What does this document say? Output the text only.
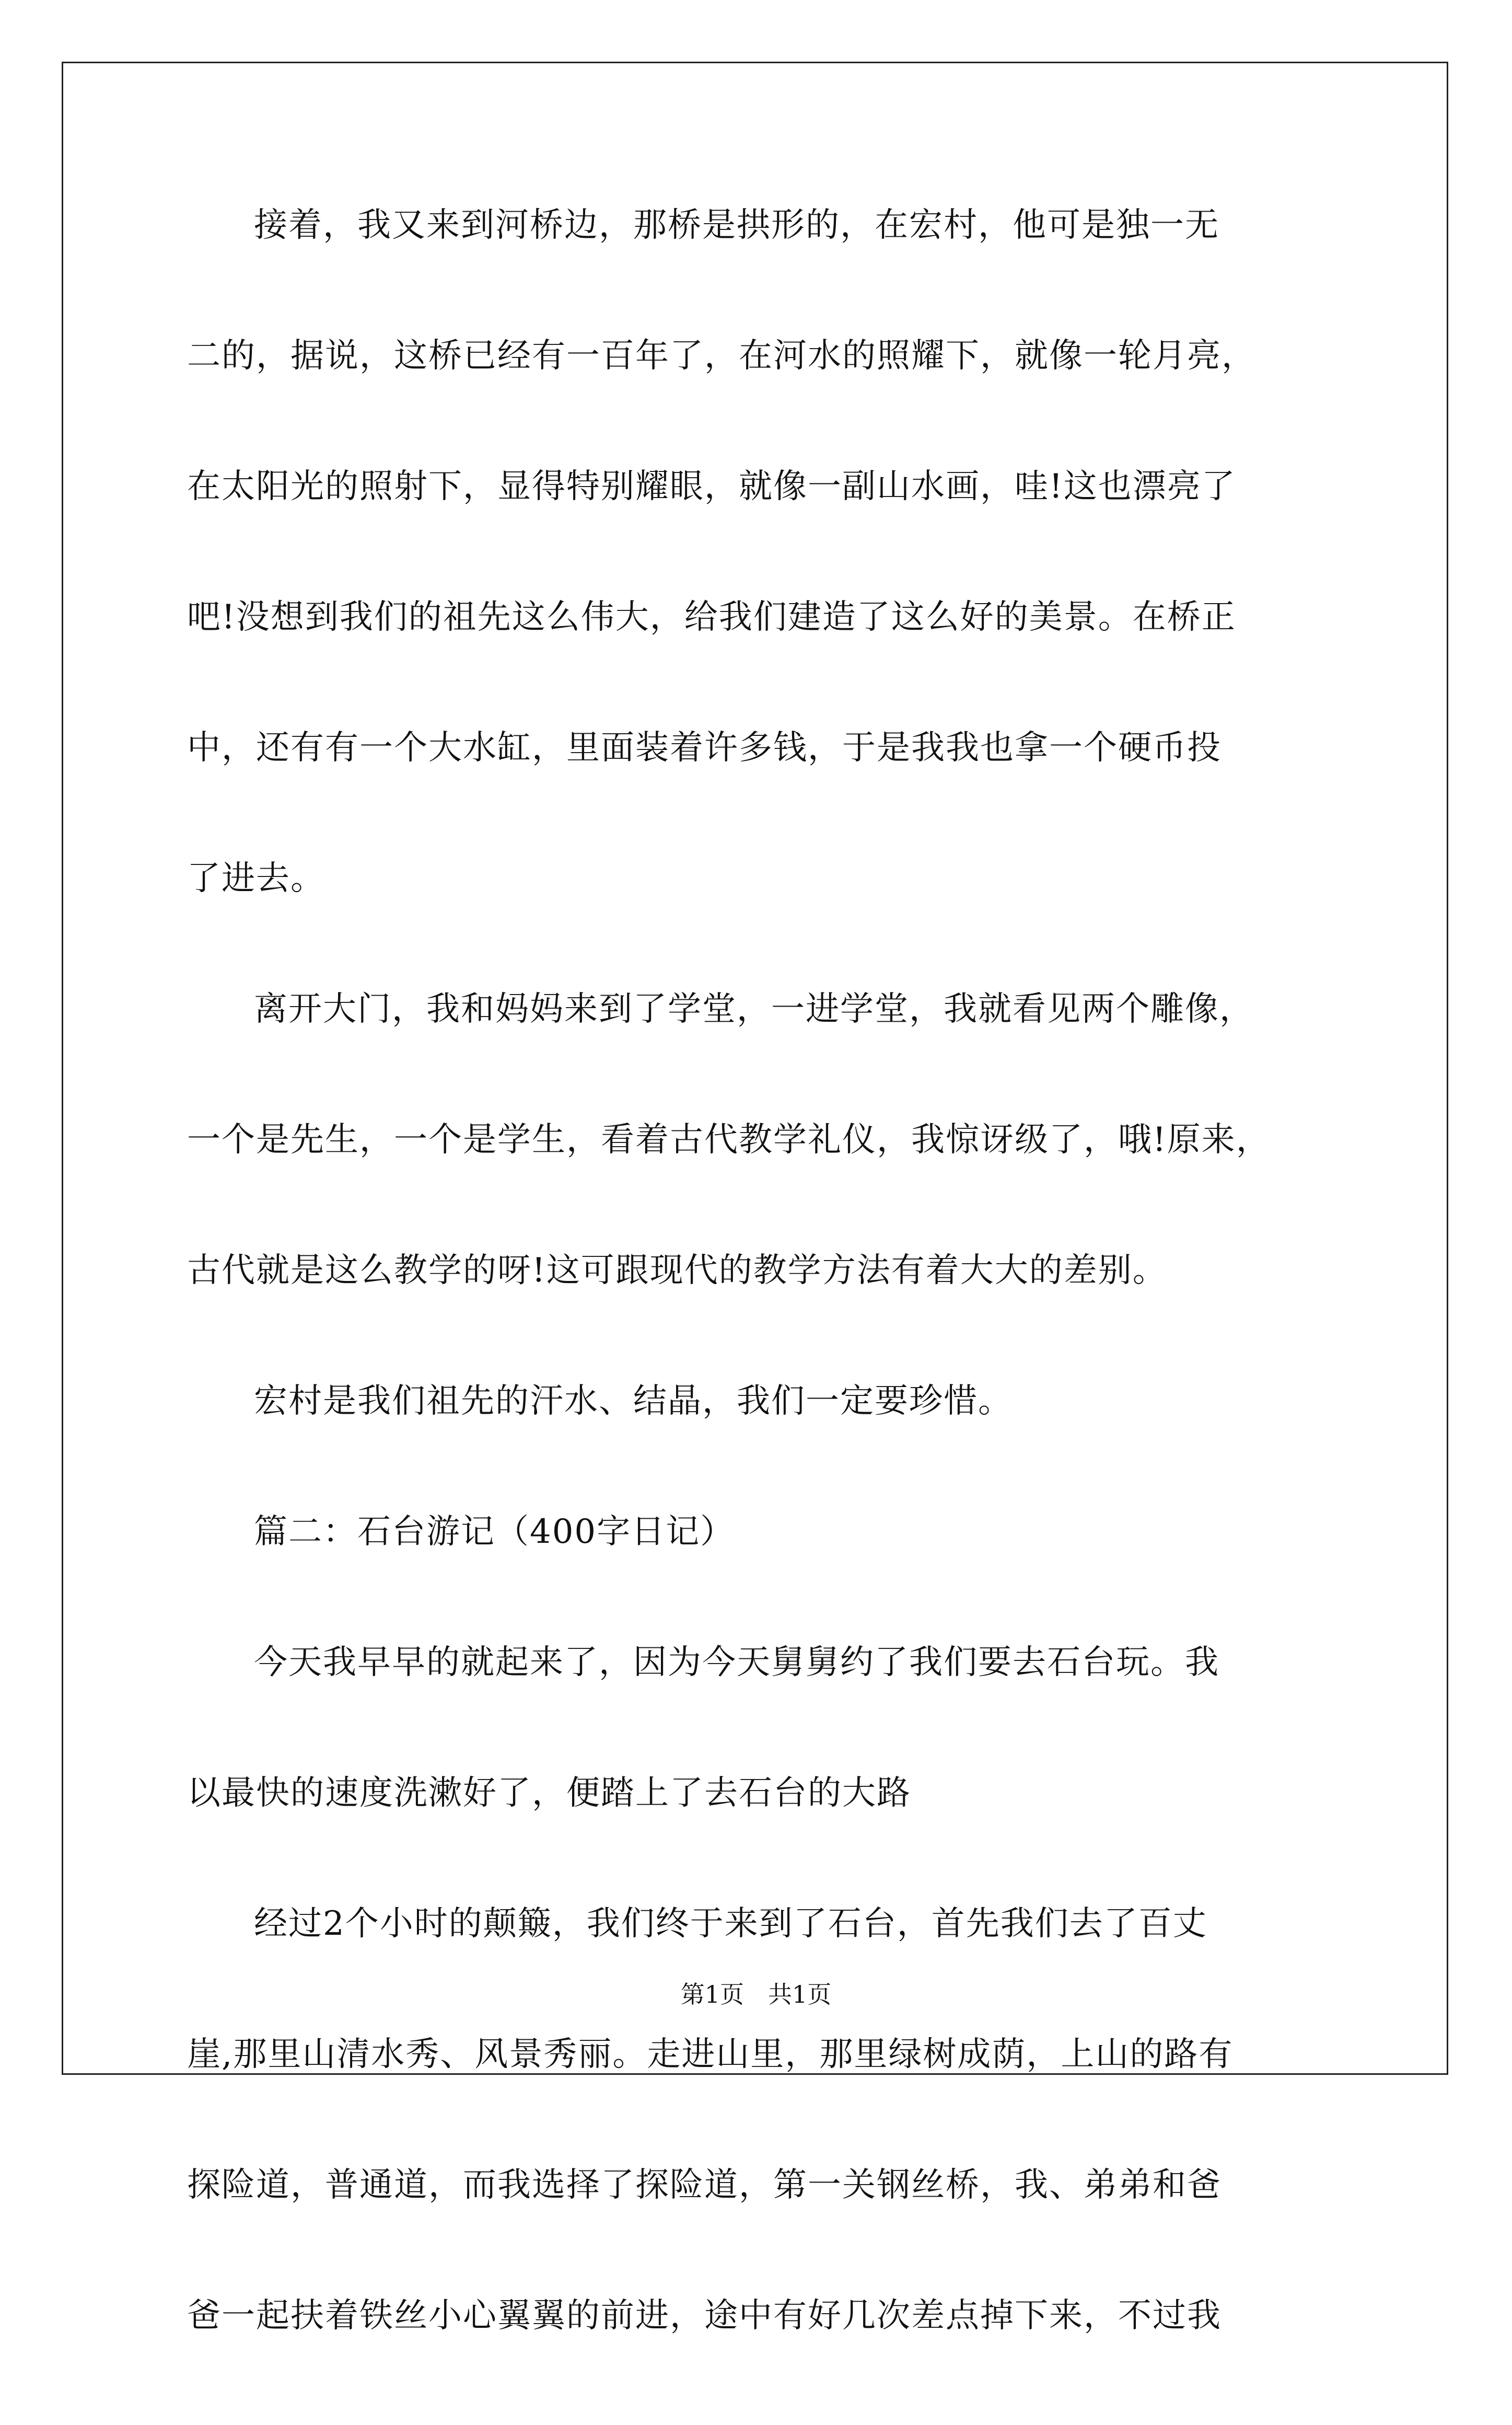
接着，我又来到河桥边，那桥是拱形的，在宏村，他可是独一无
二的，据说，这桥已经有一百年了，在河水的照耀下，就像一轮月亮，
在太阳光的照射下，显得特别耀眼，就像一副山水画，哇!这也漂亮了
吧!没想到我们的祖先这么伟大，给我们建造了这么好的美景。在桥正
中，还有有一个大水缸，里面装着许多钱，于是我我也拿一个硬币投
了进去。
离开大门，我和妈妈来到了学堂，一进学堂，我就看见两个雕像，
一个是先生，一个是学生，看着古代教学礼仪，我惊讶级了，哦!原来，
古代就是这么教学的呀!这可跟现代的教学方法有着大大的差别。
宏村是我们祖先的汗水、结晶，我们一定要珍惜。
篇二：石台游记（400字日记）
今天我早早的就起来了，因为今天舅舅约了我们要去石台玩。我
以最快的速度洗漱好了，便踏上了去石台的大路
经过2个小时的颠簸，我们终于来到了石台，首先我们去了百丈
崖,那里山清水秀、风景秀丽。走进山里，那里绿树成荫，上山的路有
探险道，普通道，而我选择了探险道，第一关钢丝桥，我、弟弟和爸
爸一起扶着铁丝小心翼翼的前进，途中有好几次差点掉下来，不过我
第1页　共1页
